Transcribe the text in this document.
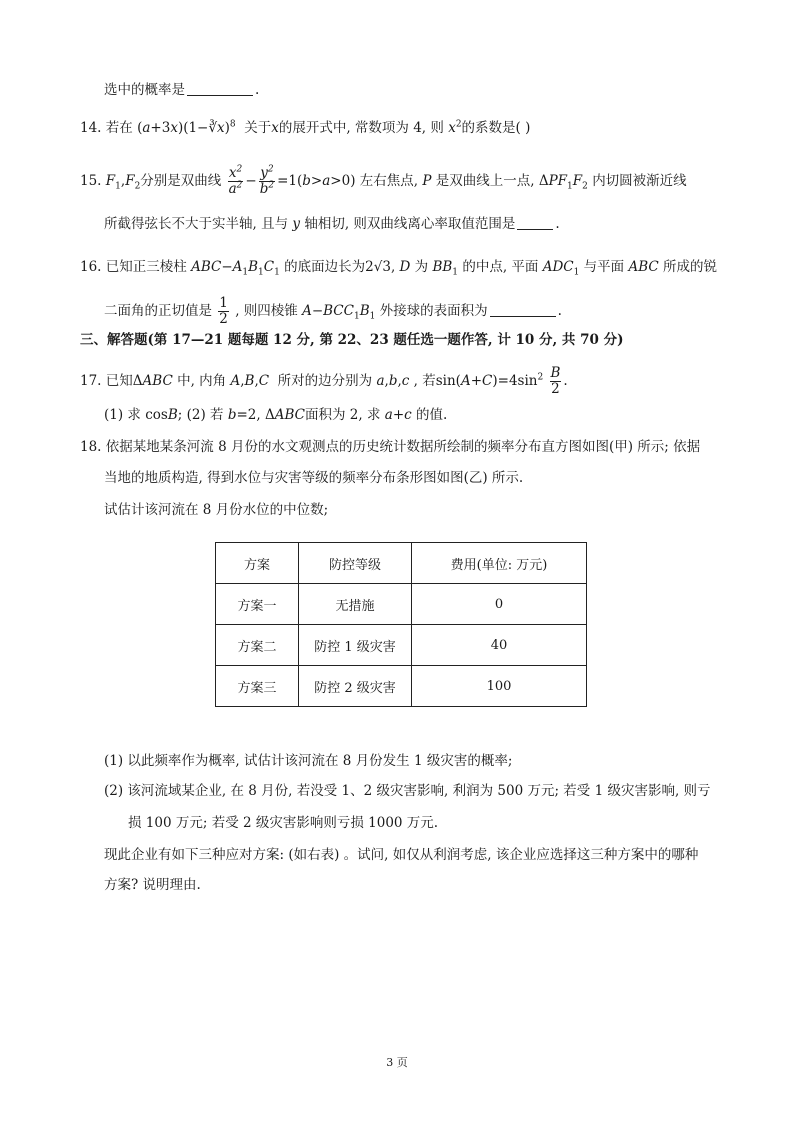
选中的概率是	.
14. 若在 (a+3x)(1−∛x)$^8$ 关于x的展开式中, 常数项为 4, 则 $x^2$的系数是( )
15. $F_1,F_2$分别是双曲线 $\frac{x^2}{a^2} - \frac{y^2}{b^2} =1(b>a>0)$ 左右焦点, P 是双曲线上一点, $\Delta PF_1F_2$ 内切圆被渐近线
所截得弦长不大于实半轴, 且与 y 轴相切, 则双曲线离心率取值范围是	.
16. 已知正三棱柱 $ABC-A_1B_1C_1$ 的底面边长为2√3, D 为 $BB_1$ 的中点, 平面 $ADC_1$ 与平面 ABC 所成的锐
二面角的正切值是 $\frac{1}{2}$ , 则四棱锥 $A-BCC_1B_1$ 外接球的表面积为	.
三、解答题(第 17—21 题每题 12 分, 第 22、23 题任选一题作答, 计 10 分, 共 70 分)
17. 已知ΔABC 中, 内角 A,B,C 所对的边分别为 a,b,c , 若$\sin(A+C)=4\sin^2 \frac{B}{2}$ .
(1) 求 cosB; (2) 若 b=2, ΔABC面积为 2, 求 a+c 的值.
18. 依据某地某条河流 8 月份的水文观测点的历史统计数据所绘制的频率分布直方图如图(甲) 所示; 依据
当地的地质构造, 得到水位与灾害等级的频率分布条形图如图(乙) 所示.
试估计该河流在 8 月份水位的中位数;
方案	防控等级	费用(单位: 万元)
方案一	无措施	0
方案二	防控 1 级灾害	40
方案三	防控 2 级灾害	100
(1) 以此频率作为概率, 试估计该河流在 8 月份发生 1 级灾害的概率;
(2) 该河流域某企业, 在 8 月份, 若没受 1、2 级灾害影响, 利润为 500 万元; 若受 1 级灾害影响, 则亏
损 100 万元; 若受 2 级灾害影响则亏损 1000 万元.
现此企业有如下三种应对方案: (如右表) 。试问, 如仅从利润考虑, 该企业应选择这三种方案中的哪种
方案? 说明理由.
3 页
